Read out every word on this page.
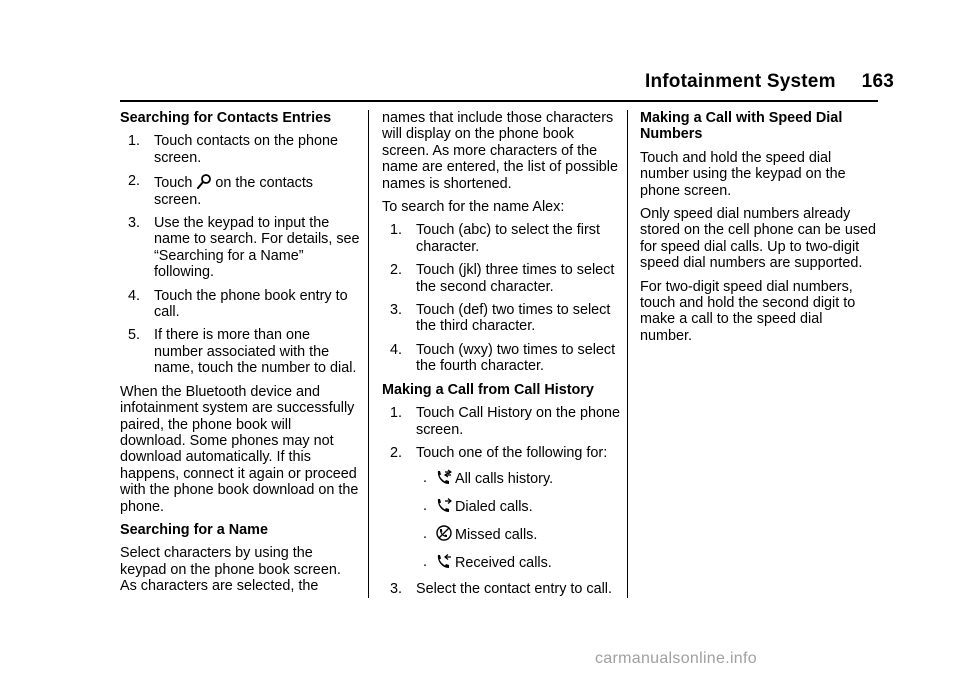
Infotainment System 163
Searching for Contacts Entries
1. Touch contacts on the phone screen.
2. Touch on the contacts screen.
3. Use the keypad to input the name to search. For details, see “Searching for a Name” following.
4. Touch the phone book entry to call.
5. If there is more than one number associated with the name, touch the number to dial.
When the Bluetooth device and infotainment system are successfully paired, the phone book will download. Some phones may not download automatically. If this happens, connect it again or proceed with the phone book download on the phone.
Searching for a Name
Select characters by using the keypad on the phone book screen. As characters are selected, the
names that include those characters will display on the phone book screen. As more characters of the name are entered, the list of possible names is shortened.
To search for the name Alex:
1. Touch (abc) to select the first character.
2. Touch (jkl) three times to select the second character.
3. Touch (def) two times to select the third character.
4. Touch (wxy) two times to select the fourth character.
Making a Call from Call History
1. Touch Call History on the phone screen.
2. Touch one of the following for:
. All calls history.
. Dialed calls.
. Missed calls.
. Received calls.
3. Select the contact entry to call.
Making a Call with Speed Dial Numbers
Touch and hold the speed dial number using the keypad on the phone screen.
Only speed dial numbers already stored on the cell phone can be used for speed dial calls. Up to two-digit speed dial numbers are supported.
For two-digit speed dial numbers, touch and hold the second digit to make a call to the speed dial number.
carmanualsonline.info
